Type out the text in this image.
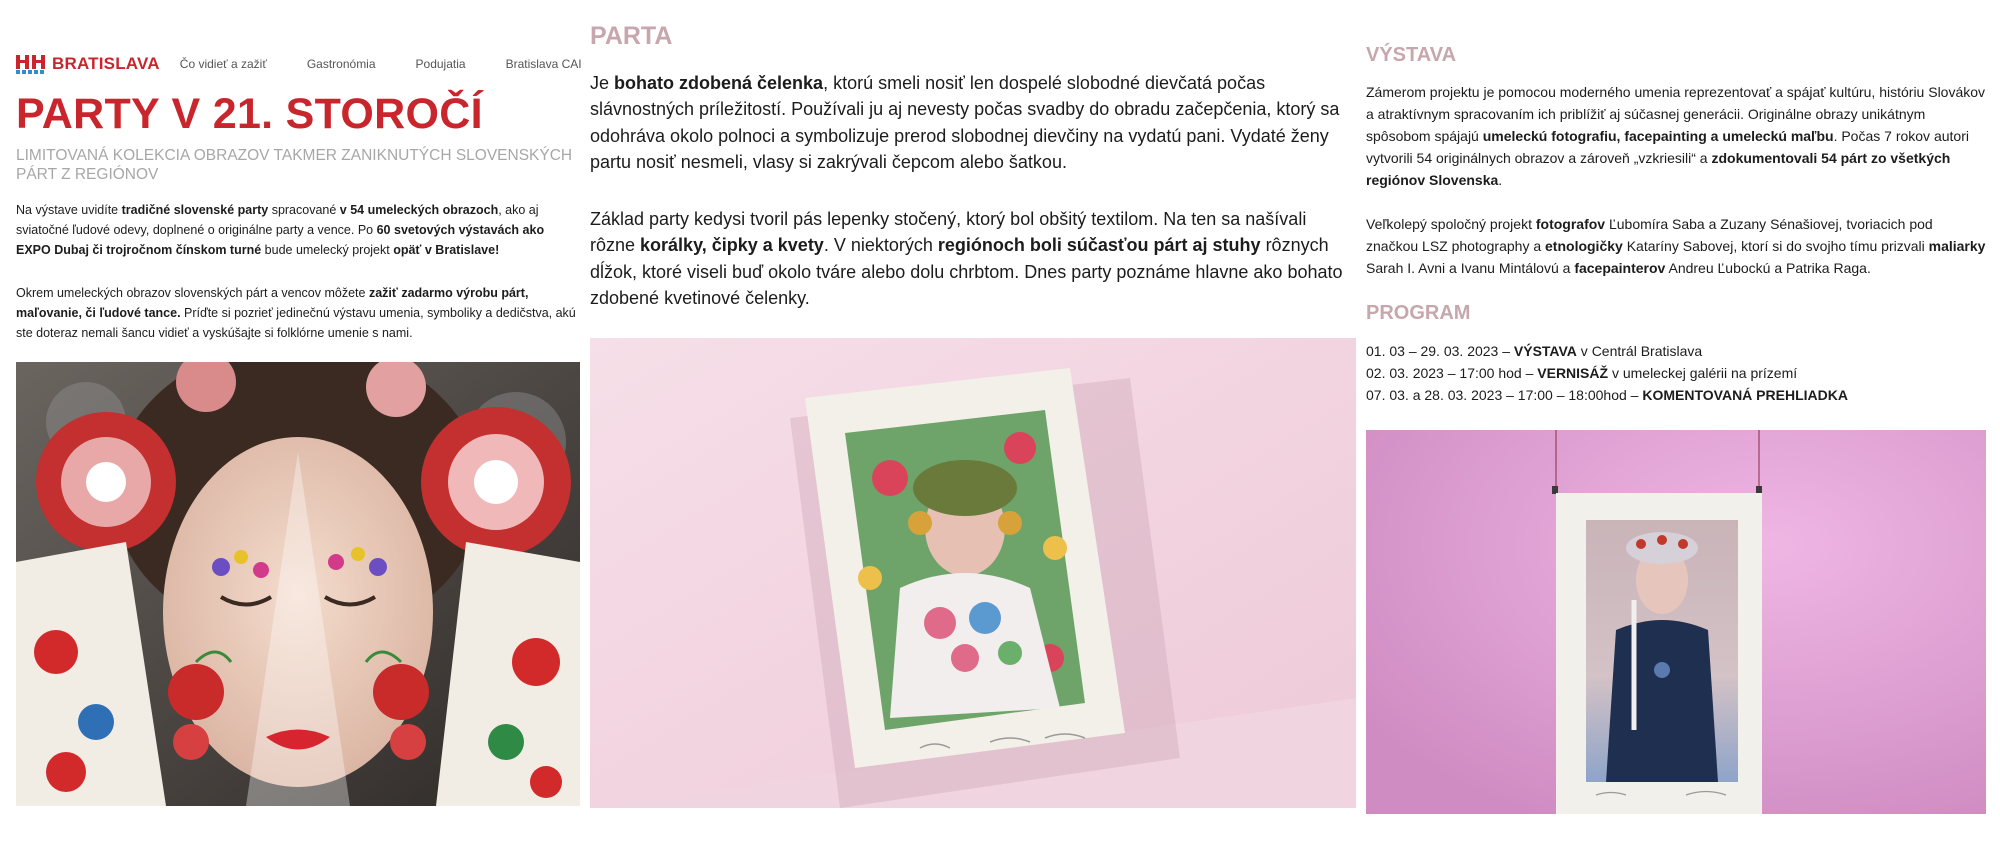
BRATISLAVA Čo vidieť a zažiť	Gastronómia	Podujatia	Bratislava CAI
PARTY V 21. STOROČÍ

LIMITOVANÁ KOLEKCIA OBRAZOV TAKMER ZANIKNUTÝCH SLOVENSKÝCH PÁRT Z REGIÓNOV

Na výstave uvidíte tradičné slovenské party spracované v 54 umeleckých obrazoch, ako aj sviatočné ľudové odevy, doplnené o originálne party a vence. Po 60 svetových výstavách ako EXPO Dubaj či trojročnom čínskom turné bude umelecký projekt opäť v Bratislave!

Okrem umeleckých obrazov slovenských párt a vencov môžete zažiť zadarmo výrobu párt, maľovanie, či ľudové tance. Príďte si pozrieť jedinečnú výstavu umenia, symboliky a dedičstva, akú ste doteraz nemali šancu vidieť a vyskúšajte si folklórne umenie s nami.

PARTA

Je bohato zdobená čelenka, ktorú smeli nosiť len dospelé slobodné dievčatá počas slávnostných príležitostí. Používali ju aj nevesty počas svadby do obradu začepčenia, ktorý sa odohráva okolo polnoci a symbolizuje prerod slobodnej dievčiny na vydatú pani. Vydaté ženy partu nosiť nesmeli, vlasy si zakrývali čepcom alebo šatkou.

Základ party kedysi tvoril pás lepenky stočený, ktorý bol obšitý textilom. Na ten sa našívali rôzne korálky, čipky a kvety. V niektorých regiónoch boli súčasťou párt aj stuhy rôznych dĺžok, ktoré viseli buď okolo tváre alebo dolu chrbtom. Dnes party poznáme hlavne ako bohato zdobené kvetinové čelenky.

VÝSTAVA

Zámerom projektu je pomocou moderného umenia reprezentovať a spájať kultúru, históriu Slovákov a atraktívnym spracovaním ich priblížiť aj súčasnej generácii. Originálne obrazy unikátnym spôsobom spájajú umeleckú fotografiu, facepainting a umeleckú maľbu. Počas 7 rokov autori vytvorili 54 originálnych obrazov a zároveň „vzkriesili“ a zdokumentovali 54 párt zo všetkých regiónov Slovenska.

Veľkolepý spoločný projekt fotografov Ľubomíra Saba a Zuzany Sénašiovej, tvoriacich pod značkou LSZ photography a etnologičky Kataríny Sabovej, ktorí si do svojho tímu prizvali maliarky Sarah I. Avni a Ivanu Mintálovú a facepainterov Andreu Ľubockú a Patrika Raga.

PROGRAM
01. 03 – 29. 03. 2023 – VÝSTAVA v Centrál Bratislava
02. 03. 2023 – 17:00 hod – VERNISÁŽ v umeleckej galérii na prízemí
07. 03. a 28. 03. 2023 – 17:00 – 18:00hod – KOMENTOVANÁ PREHLIADKA
